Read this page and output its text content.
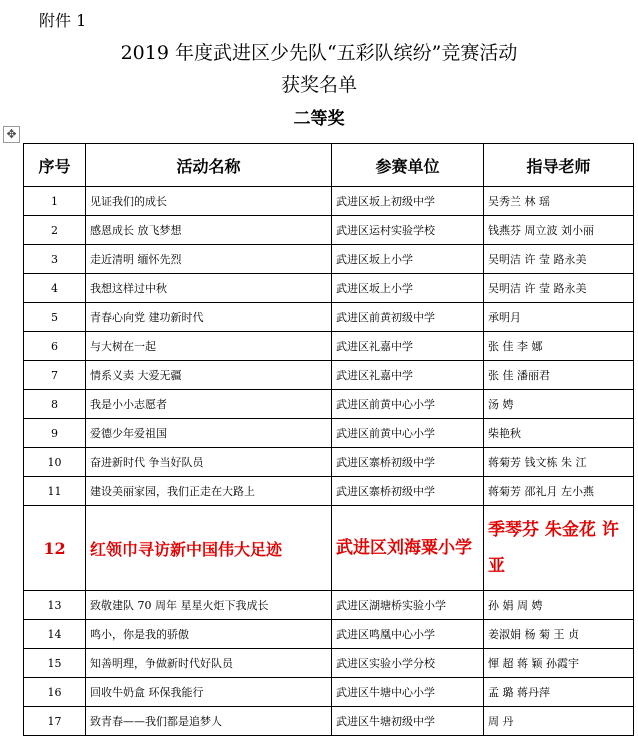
附件 1
2019 年度武进区少先队“五彩队缤纷”竞赛活动
获奖名单
二等奖
✥
序号	活动名称	参赛单位	指导老师
1	见证我们的成长	武进区坂上初级中学	吴秀兰 林 瑶
2	感恩成长 放飞梦想	武进区运村实验学校	钱燕芬 周立波 刘小丽
3	走近清明 缅怀先烈	武进区坂上小学	吴明洁 许 莹 路永美
4	我想这样过中秋	武进区坂上小学	吴明洁 许 莹 路永美
5	青春心向党 建功新时代	武进区前黄初级中学	承明月
6	与大树在一起	武进区礼嘉中学	张 佳 李 娜
7	情系义卖 大爱无疆	武进区礼嘉中学	张 佳 潘丽君
8	我是小小志愿者	武进区前黄中心小学	汤 娉
9	爱德少年爱祖国	武进区前黄中心小学	柴艳秋
10	奋进新时代 争当好队员	武进区寨桥初级中学	蒋菊芳 钱文栋 朱 江
11	建设美丽家园，我们正走在大路上	武进区寨桥初级中学	蒋菊芳 邵礼月 左小燕
12	红领巾寻访新中国伟大足迹	武进区刘海粟小学	季琴芬 朱金花 许 亚
13	致敬建队 70 周年 星星火炬下我成长	武进区湖塘桥实验小学	孙 娟 周 娉
14	鸣小，你是我的骄傲	武进区鸣凰中心小学	姜淑娟 杨 菊 王 贞
15	知善明理，争做新时代好队员	武进区实验小学分校	惲 超 蒋 颖 孙霞宇
16	回收牛奶盒 环保我能行	武进区牛塘中心小学	孟 璐 蒋丹萍
17	致青春——我们都是追梦人	武进区牛塘初级中学	周 丹
